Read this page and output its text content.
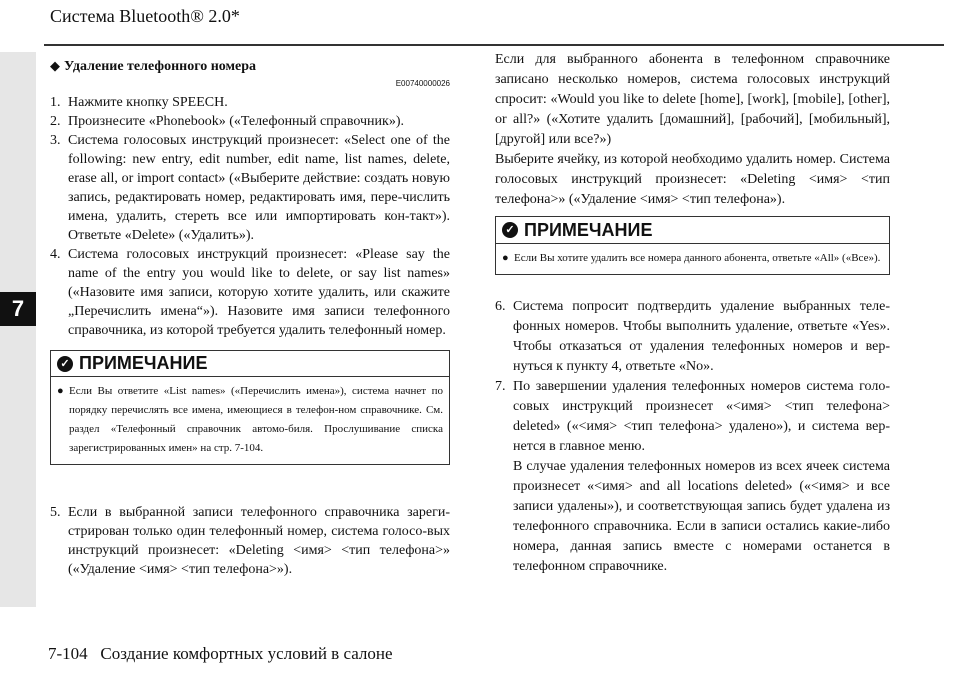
Система Bluetooth® 2.0*
7
◆ Удаление телефонного номера
E00740000026
1. Нажмите кнопку SPEECH.
2. Произнесите «Phonebook» («Телефонный справочник»).
3. Система голосовых инструкций произнесет: «Select one of the following: new entry, edit number, edit name, list names, delete, erase all, or import contact» («Выберите действие: создать новую запись, редактировать номер, редактировать имя, пере-числить имена, удалить, стереть все или импортировать кон-такт»). Ответьте «Delete» («Удалить»).
4. Система голосовых инструкций произнесет: «Please say the name of the entry you would like to delete, or say list names» («Назовите имя записи, которую хотите удалить, или скажите „Перечислить имена“»). Назовите имя записи телефонного справочника, из которой требуется удалить телефонный номер.
✓ ПРИМЕЧАНИЕ
● Если Вы ответите «List names» («Перечислить имена»), система начнет по порядку перечислять все имена, имеющиеся в телефон-ном справочнике. См. раздел «Телефонный справочник автомо-биля. Прослушивание списка зарегистрированных имен» на стр. 7-104.
5. Если в выбранной записи телефонного справочника зареги-стрирован только один телефонный номер, система голосо-вых инструкций произнесет: «Deleting <имя> <тип телефона>» («Удаление <имя> <тип телефона>»).
Если для выбранного абонента в телефонном справочнике записано несколько номеров, система голосовых инструкций спросит: «Would you like to delete [home], [work], [mobile], [other], or all?» («Хотите удалить [домашний], [рабочий], [мобильный], [другой] или все?»)
Выберите ячейку, из которой необходимо удалить номер. Система голосовых инструкций произнесет: «Deleting <имя> <тип телефона>» («Удаление <имя> <тип телефона»).
✓ ПРИМЕЧАНИЕ
● Если Вы хотите удалить все номера данного абонента, ответьте «All» («Все»).
6. Система попросит подтвердить удаление выбранных теле-фонных номеров. Чтобы выполнить удаление, ответьте «Yes». Чтобы отказаться от удаления телефонных номеров и вер-нуться к пункту 4, ответьте «No».
7. По завершении удаления телефонных номеров система голо-совых инструкций произнесет «<имя> <тип телефона> deleted» («<имя> <тип телефона> удалено»), и система вер-нется в главное меню.
В случае удаления телефонных номеров из всех ячеек система произнесет «<имя> and all locations deleted» («<имя> и все записи удалены»), и соответствующая запись будет удалена из телефонного справочника. Если в записи остались какие-либо номера, данная запись вместе с номерами останется в телефонном справочнике.
7-104 Создание комфортных условий в салоне
